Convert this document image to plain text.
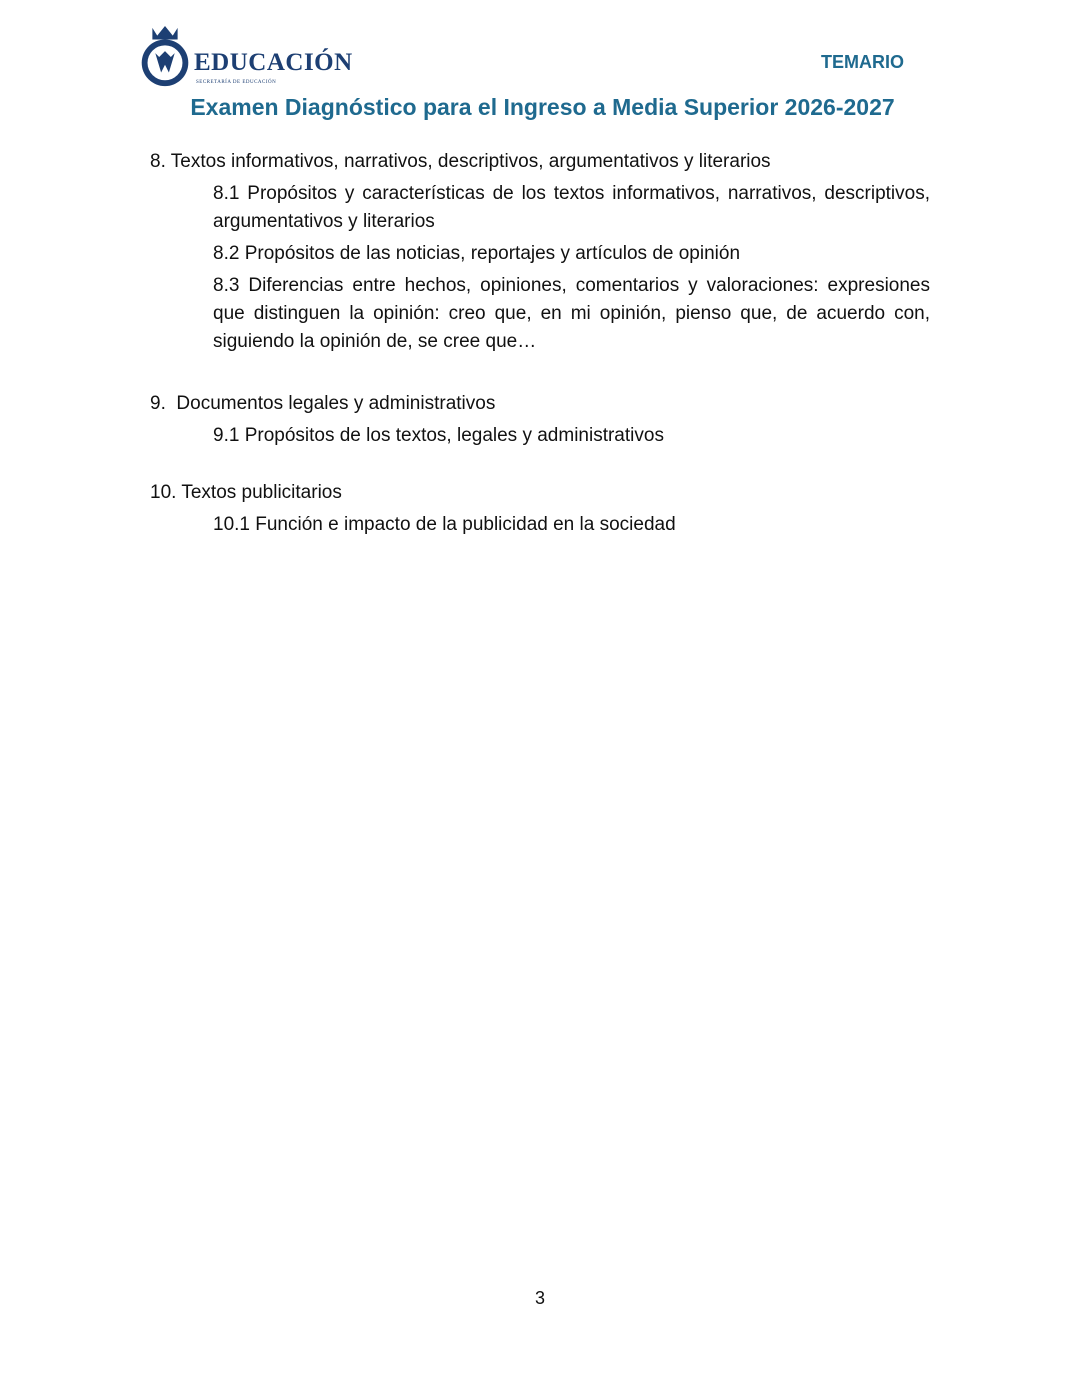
EDUCACIÓN
SECRETARÍA DE EDUCACIÓN
TEMARIO
Examen Diagnóstico para el Ingreso a Media Superior 2026-2027

8. Textos informativos, narrativos, descriptivos, argumentativos y literarios

8.1 Propósitos y características de los textos informativos, narrativos, descriptivos, argumentativos y literarios

8.2 Propósitos de las noticias, reportajes y artículos de opinión

8.3 Diferencias entre hechos, opiniones, comentarios y valoraciones: expresiones que distinguen la opinión: creo que, en mi opinión, pienso que, de acuerdo con, siguiendo la opinión de, se cree que…

9.  Documentos legales y administrativos

9.1 Propósitos de los textos, legales y administrativos

10. Textos publicitarios

10.1 Función e impacto de la publicidad en la sociedad

3
